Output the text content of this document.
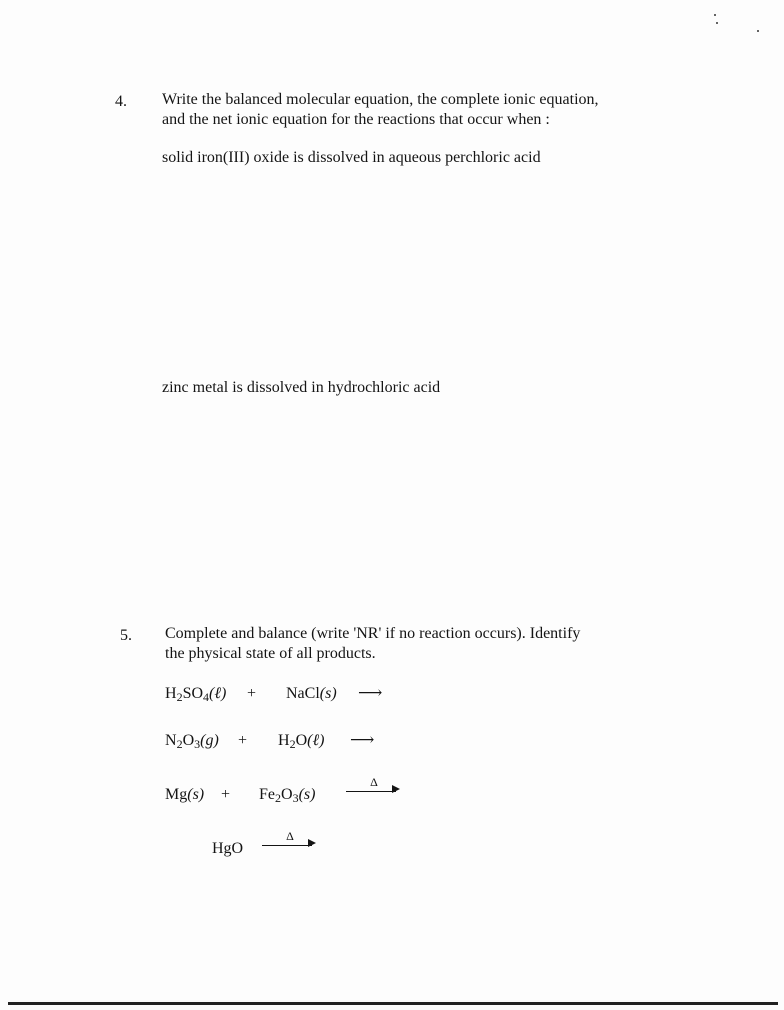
4. Write the balanced molecular equation, the complete ionic equation,
and the net ionic equation for the reactions that occur when :
solid iron(III) oxide is dissolved in aqueous perchloric acid
zinc metal is dissolved in hydrochloric acid
5. Complete and balance (write 'NR' if no reaction occurs). Identify
the physical state of all products.
$H_2SO_4(\ell)$ + NaCl(s) ⟶
$N_2O_3(g)$ + $H_2O(\ell)$ ⟶
$Mg(s) + Fe_2O_3(s)$
Δ
HgO
Δ
